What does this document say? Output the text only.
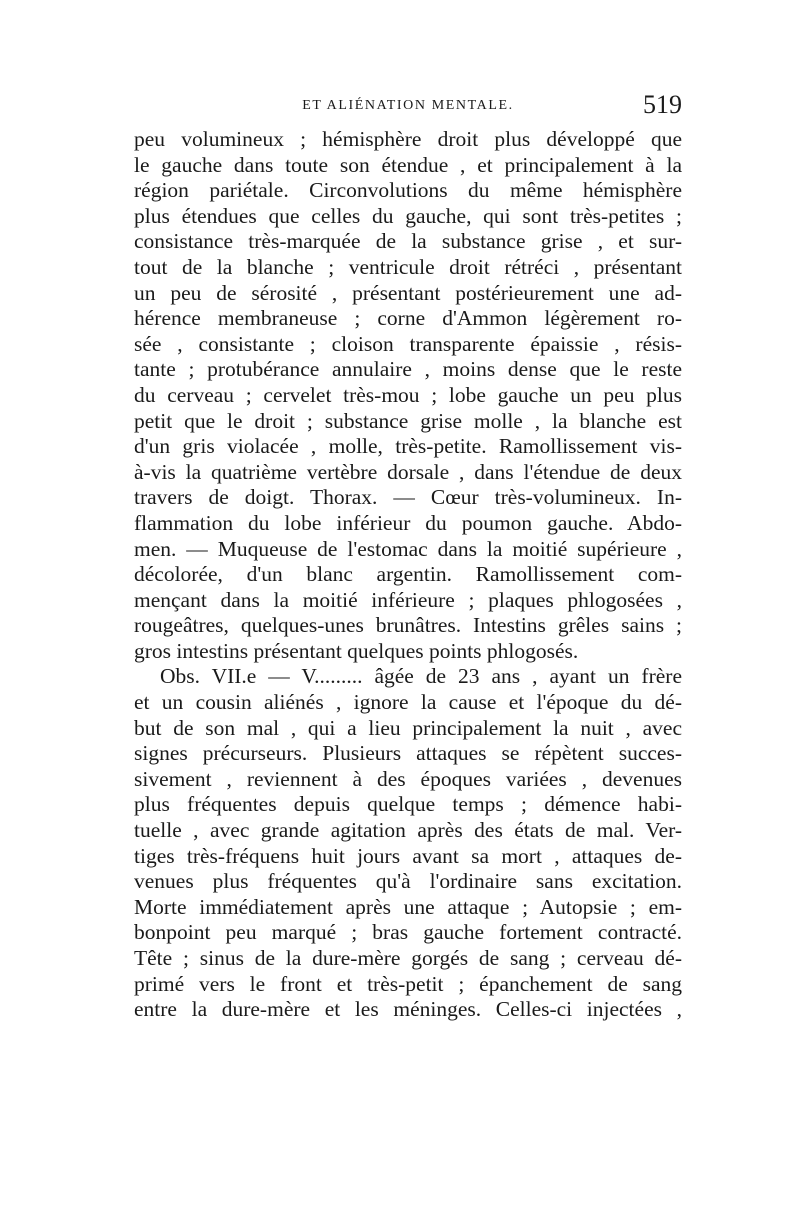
ET ALIÉNATION MENTALE.	519
peu volumineux ; hémisphère droit plus développé que
le gauche dans toute son étendue , et principalement à la
région pariétale. Circonvolutions du même hémisphère
plus étendues que celles du gauche, qui sont très-petites ;
consistance très-marquée de la substance grise , et sur-
tout de la blanche ; ventricule droit rétréci , présentant
un peu de sérosité , présentant postérieurement une ad-
hérence membraneuse ; corne d'Ammon légèrement ro-
sée , consistante ; cloison transparente épaissie , résis-
tante ; protubérance annulaire , moins dense que le reste
du cerveau ; cervelet très-mou ; lobe gauche un peu plus
petit que le droit ; substance grise molle , la blanche est
d'un gris violacée , molle, très-petite. Ramollissement vis-
à-vis la quatrième vertèbre dorsale , dans l'étendue de deux
travers de doigt. Thorax. — Cœur très-volumineux. In-
flammation du lobe inférieur du poumon gauche. Abdo-
men. — Muqueuse de l'estomac dans la moitié supérieure ,
décolorée, d'un blanc argentin. Ramollissement com-
mençant dans la moitié inférieure ; plaques phlogosées ,
rougeâtres, quelques-unes brunâtres. Intestins grêles sains ;
gros intestins présentant quelques points phlogosés.
Obs. VII.e — V......... âgée de 23 ans , ayant un frère
et un cousin aliénés , ignore la cause et l'époque du dé-
but de son mal , qui a lieu principalement la nuit , avec
signes précurseurs. Plusieurs attaques se répètent succes-
sivement , reviennent à des époques variées , devenues
plus fréquentes depuis quelque temps ; démence habi-
tuelle , avec grande agitation après des états de mal. Ver-
tiges très-fréquens huit jours avant sa mort , attaques de-
venues plus fréquentes qu'à l'ordinaire sans excitation.
Morte immédiatement après une attaque ; Autopsie ; em-
bonpoint peu marqué ; bras gauche fortement contracté.
Tête ; sinus de la dure-mère gorgés de sang ; cerveau dé-
primé vers le front et très-petit ; épanchement de sang
entre la dure-mère et les méninges. Celles-ci injectées ,
